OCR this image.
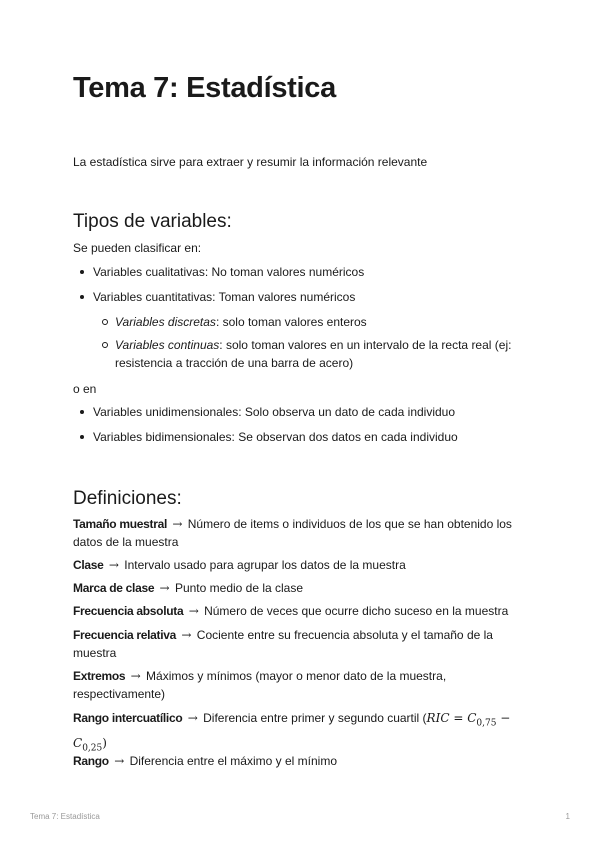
Tema 7: Estadística
La estadística sirve para extraer y resumir la información relevante
Tipos de variables:
Se pueden clasificar en:
Variables cualitativas: No toman valores numéricos
Variables cuantitativas: Toman valores numéricos
Variables discretas: solo toman valores enteros
Variables continuas: solo toman valores en un intervalo de la recta real (ej: resistencia a tracción de una barra de acero)
o en
Variables unidimensionales: Solo observa un dato de cada individuo
Variables bidimensionales: Se observan dos datos en cada individuo
Definiciones:
Tamaño muestral → Número de items o individuos de los que se han obtenido los datos de la muestra
Clase → Intervalo usado para agrupar los datos de la muestra
Marca de clase → Punto medio de la clase
Frecuencia absoluta → Número de veces que ocurre dicho suceso en la muestra
Frecuencia relativa → Cociente entre su frecuencia absoluta y el tamaño de la muestra
Extremos → Máximos y mínimos (mayor o menor dato de la muestra, respectivamente)
Rango intercuatílico → Diferencia entre primer y segundo cuartil $(RIC = C_{0,75} - C_{0,25})$
Rango → Diferencia entre el máximo y el mínimo
Tema 7: Estadística	1
